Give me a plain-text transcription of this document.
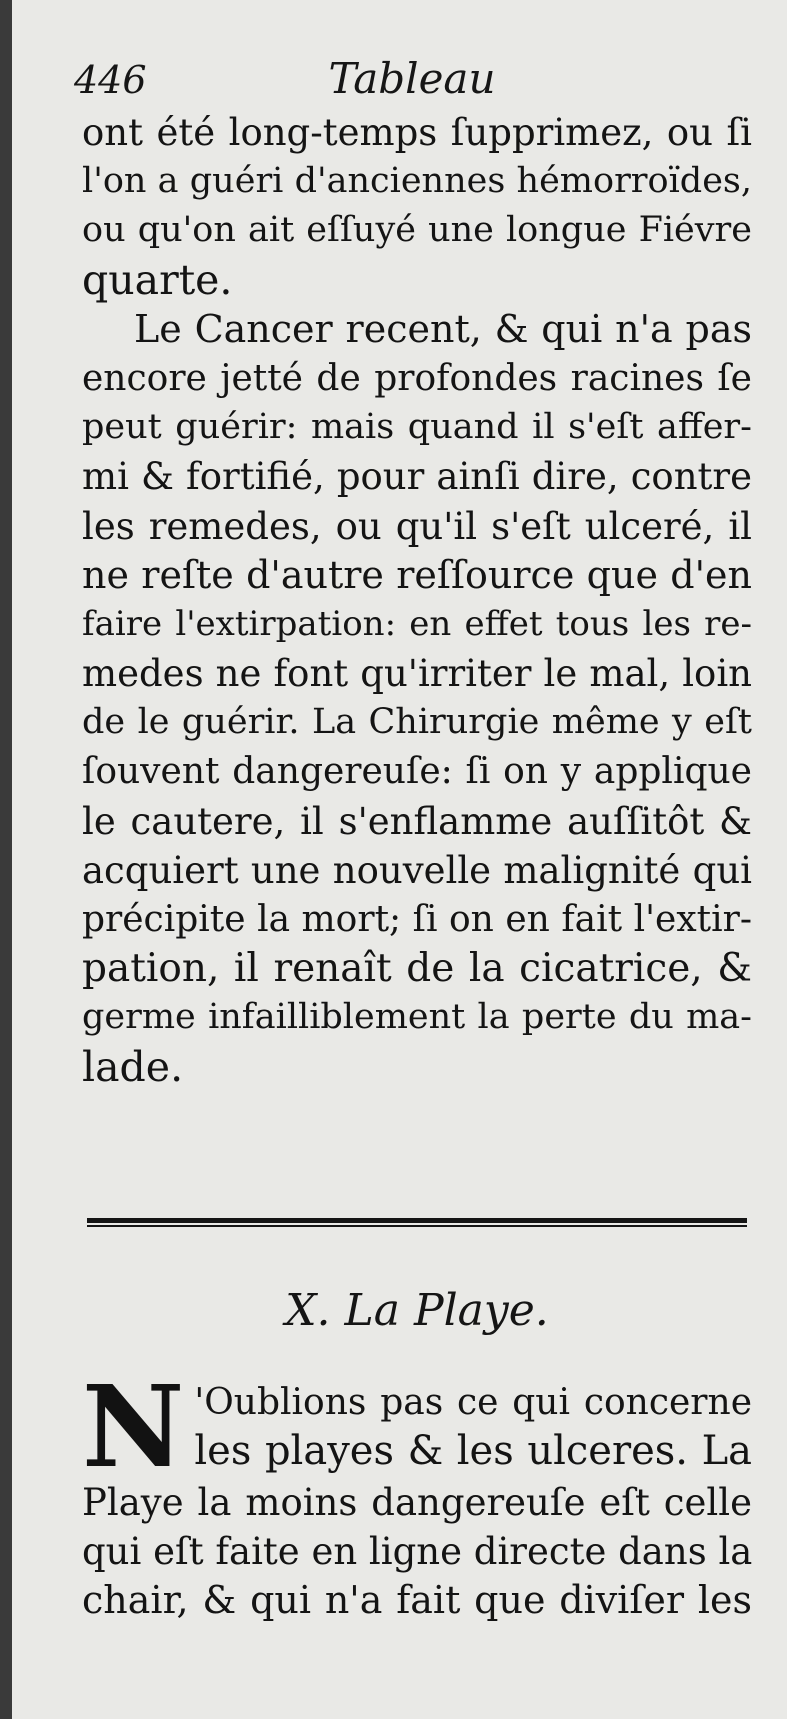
446	Tableau
ont été long-temps ſupprimez, ou ſi
l'on a guéri d'anciennes hémorroïdes,
ou qu'on ait eſſuyé une longue Fiévre
quarte.
Le Cancer recent, & qui n'a pas
encore jetté de profondes racines ſe
peut guérir: mais quand il s'eſt affer-
mi & fortifié, pour ainſi dire, contre
les remedes, ou qu'il s'eſt ulceré, il
ne reſte d'autre reſſource que d'en
faire l'extirpation: en effet tous les re-
medes ne font qu'irriter le mal, loin
de le guérir. La Chirurgie même y eſt
ſouvent dangereuſe: ſi on y applique
le cautere, il s'enflamme auſſitôt &
acquiert une nouvelle malignité qui
précipite la mort; ſi on en fait l'extir-
pation, il renaît de la cicatrice, &
germe infailliblement la perte du ma-
lade.
X. La Playe.
N 'Oublions pas ce qui concerne
les playes & les ulceres. La
Playe la moins dangereuſe eſt celle
qui eſt faite en ligne directe dans la
chair, & qui n'a fait que diviſer les
